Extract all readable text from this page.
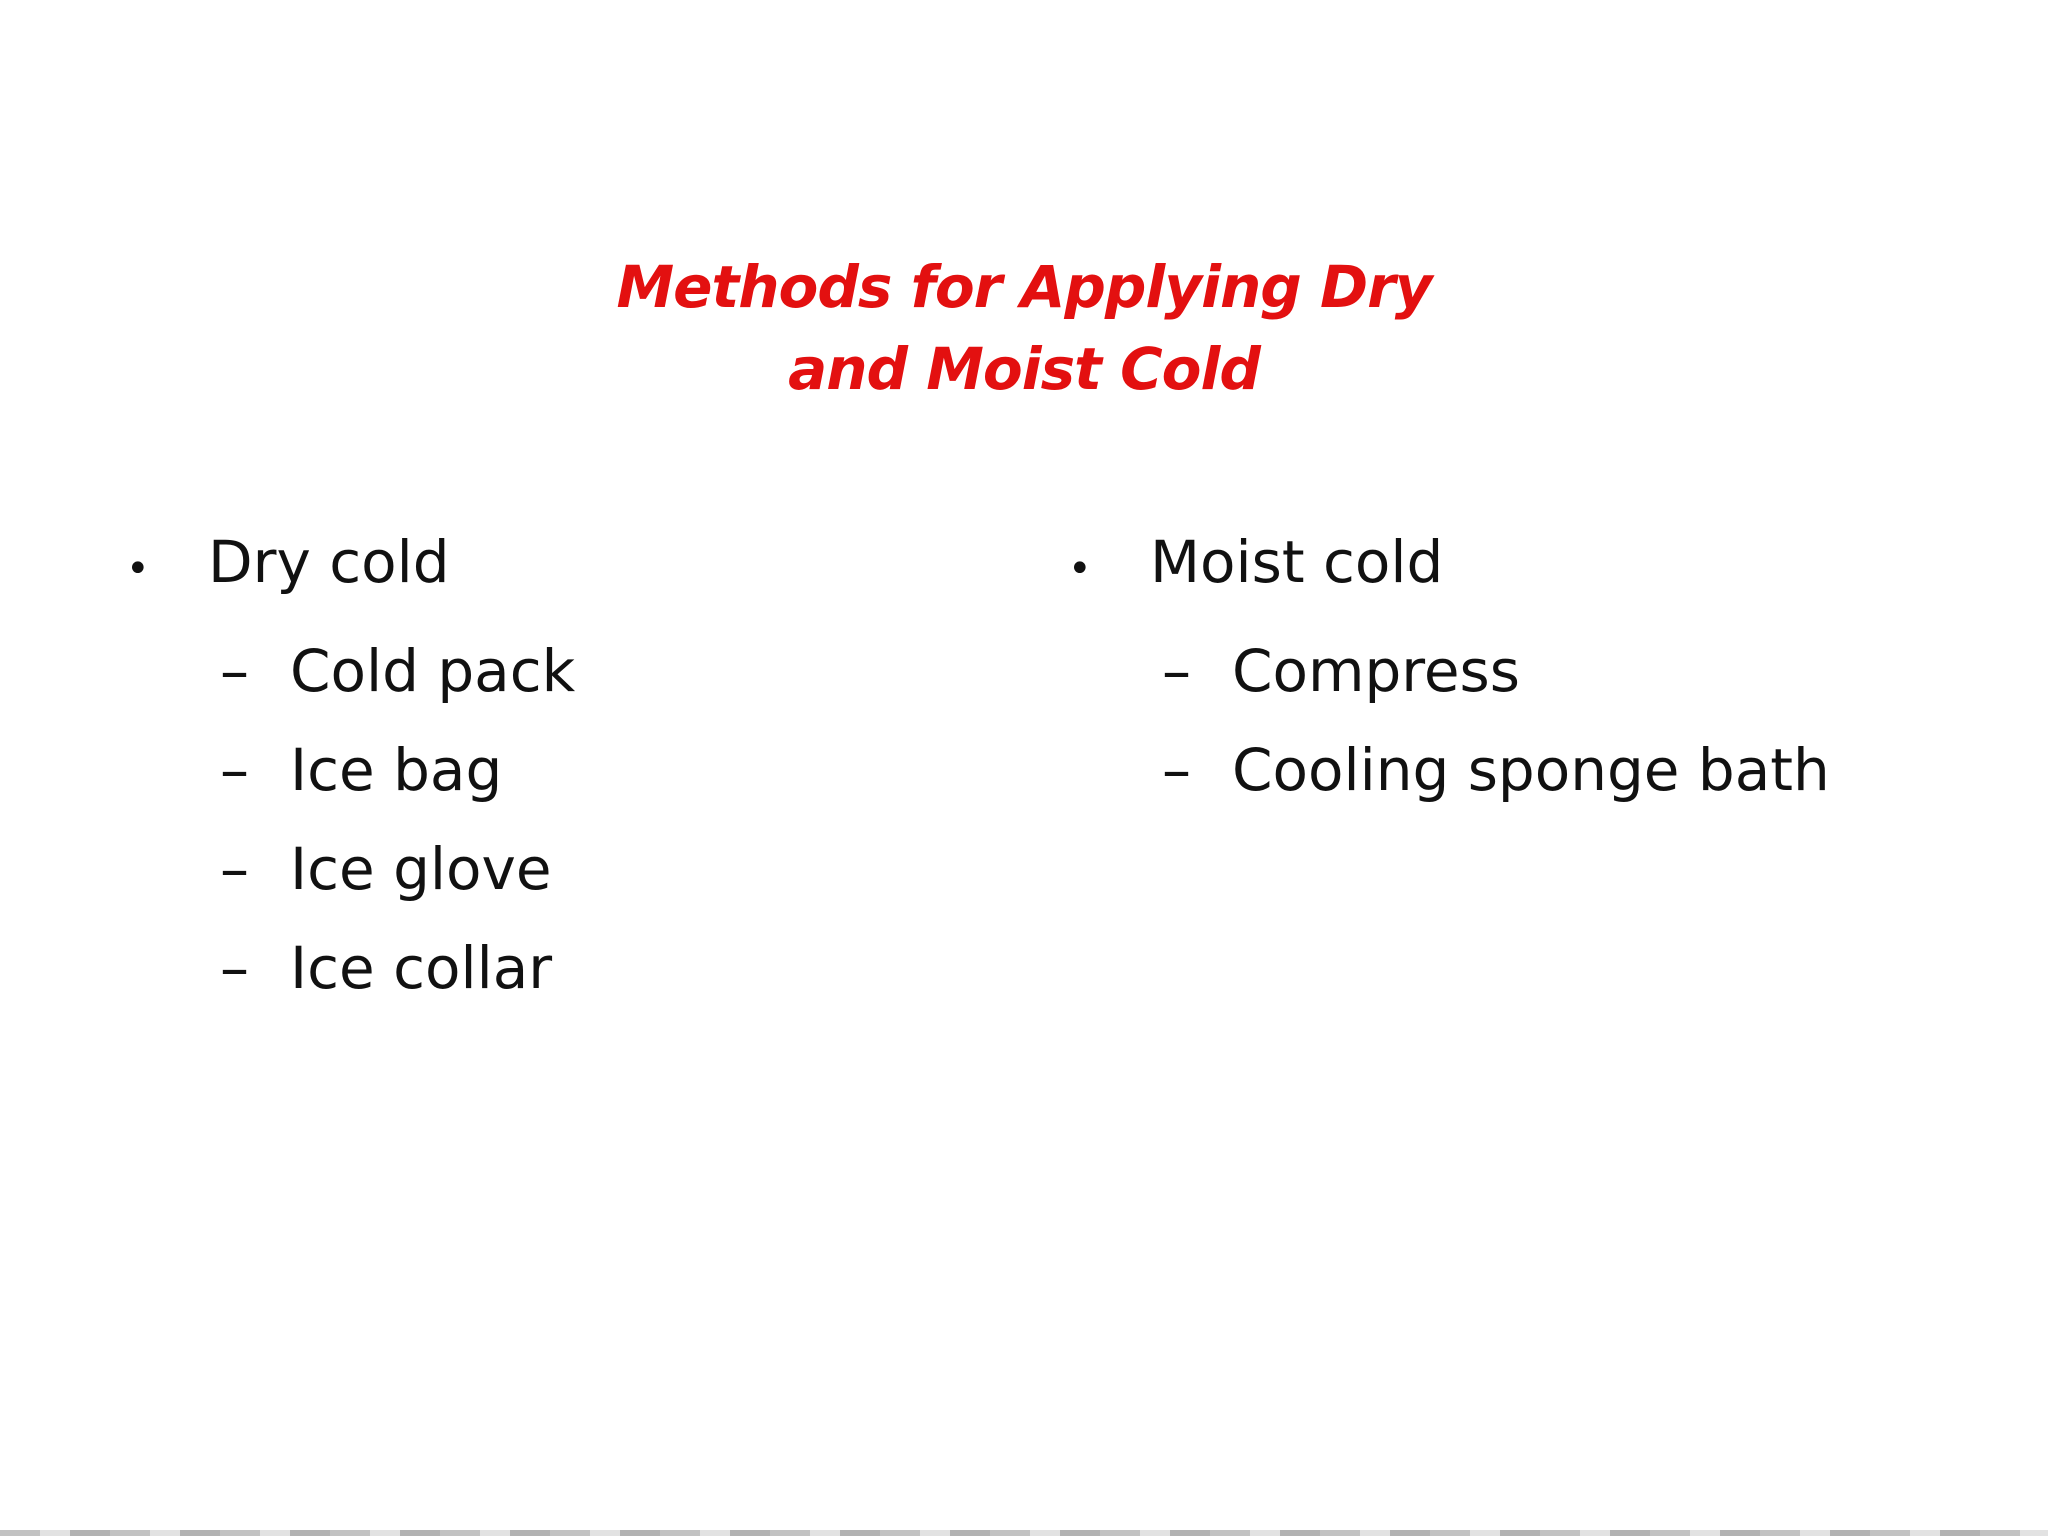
Methods for Applying Dry
and Moist Cold
•	Dry cold
– Cold pack
– Ice bag
– Ice glove
– Ice collar
•	Moist cold
– Compress
– Cooling sponge bath
